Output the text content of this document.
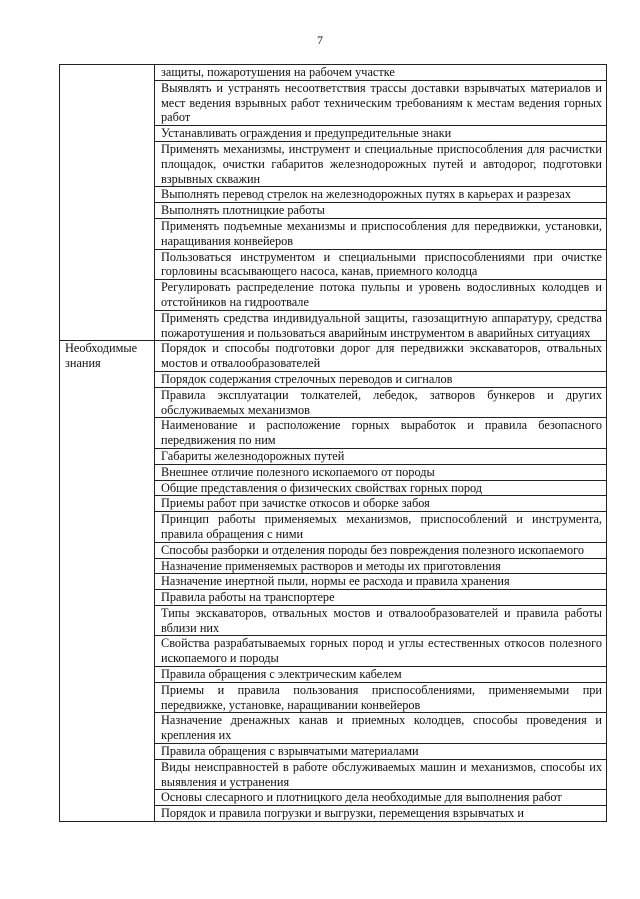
7

	защиты, пожаротушения на рабочем участке

	Выявлять и устранять несоответствия трассы доставки взрывчатых материалов и мест ведения взрывных работ техническим требованиям к местам ведения горных работ

	Устанавливать ограждения и предупредительные знаки

	Применять механизмы, инструмент и специальные приспособления для расчистки площадок, очистки габаритов железнодорожных путей и автодорог, подготовки взрывных скважин

	Выполнять перевод стрелок на железнодорожных путях в карьерах и разрезах

	Выполнять плотницкие работы

	Применять подъемные механизмы и приспособления для передвижки, установки, наращивания конвейеров

	Пользоваться инструментом и специальными приспособлениями при очистке горловины всасывающего насоса, канав, приемного колодца

	Регулировать распределение потока пульпы и уровень водосливных колодцев и отстойников на гидроотвале

	Применять средства индивидуальной защиты, газозащитную аппаратуру, средства пожаротушения и пользоваться аварийным инструментом в аварийных ситуациях

Необходимые знания	Порядок и способы подготовки дорог для передвижки экскаваторов, отвальных мостов и отвалообразователей

	Порядок содержания стрелочных переводов и сигналов

	Правила эксплуатации толкателей, лебедок, затворов бункеров и других обслуживаемых механизмов

	Наименование и расположение горных выработок и правила безопасного передвижения по ним

	Габариты железнодорожных путей

	Внешнее отличие полезного ископаемого от породы

	Общие представления о физических свойствах горных пород

	Приемы работ при зачистке откосов и оборке забоя

	Принцип работы применяемых механизмов, приспособлений и инструмента, правила обращения с ними

	Способы разборки и отделения породы без повреждения полезного ископаемого

	Назначение применяемых растворов и методы их приготовления

	Назначение инертной пыли, нормы ее расхода и правила хранения

	Правила работы на транспортере

	Типы экскаваторов, отвальных мостов и отвалообразователей и правила работы вблизи них

	Свойства разрабатываемых горных пород и углы естественных откосов полезного ископаемого и породы

	Правила обращения с электрическим кабелем

	Приемы и правила пользования приспособлениями, применяемыми при передвижке, установке, наращивании конвейеров

	Назначение дренажных канав и приемных колодцев, способы проведения и крепления их

	Правила обращения с взрывчатыми материалами

	Виды неисправностей в работе обслуживаемых машин и механизмов, способы их выявления и устранения

	Основы слесарного и плотницкого дела необходимые для выполнения работ

	Порядок и правила погрузки и выгрузки, перемещения взрывчатых и
